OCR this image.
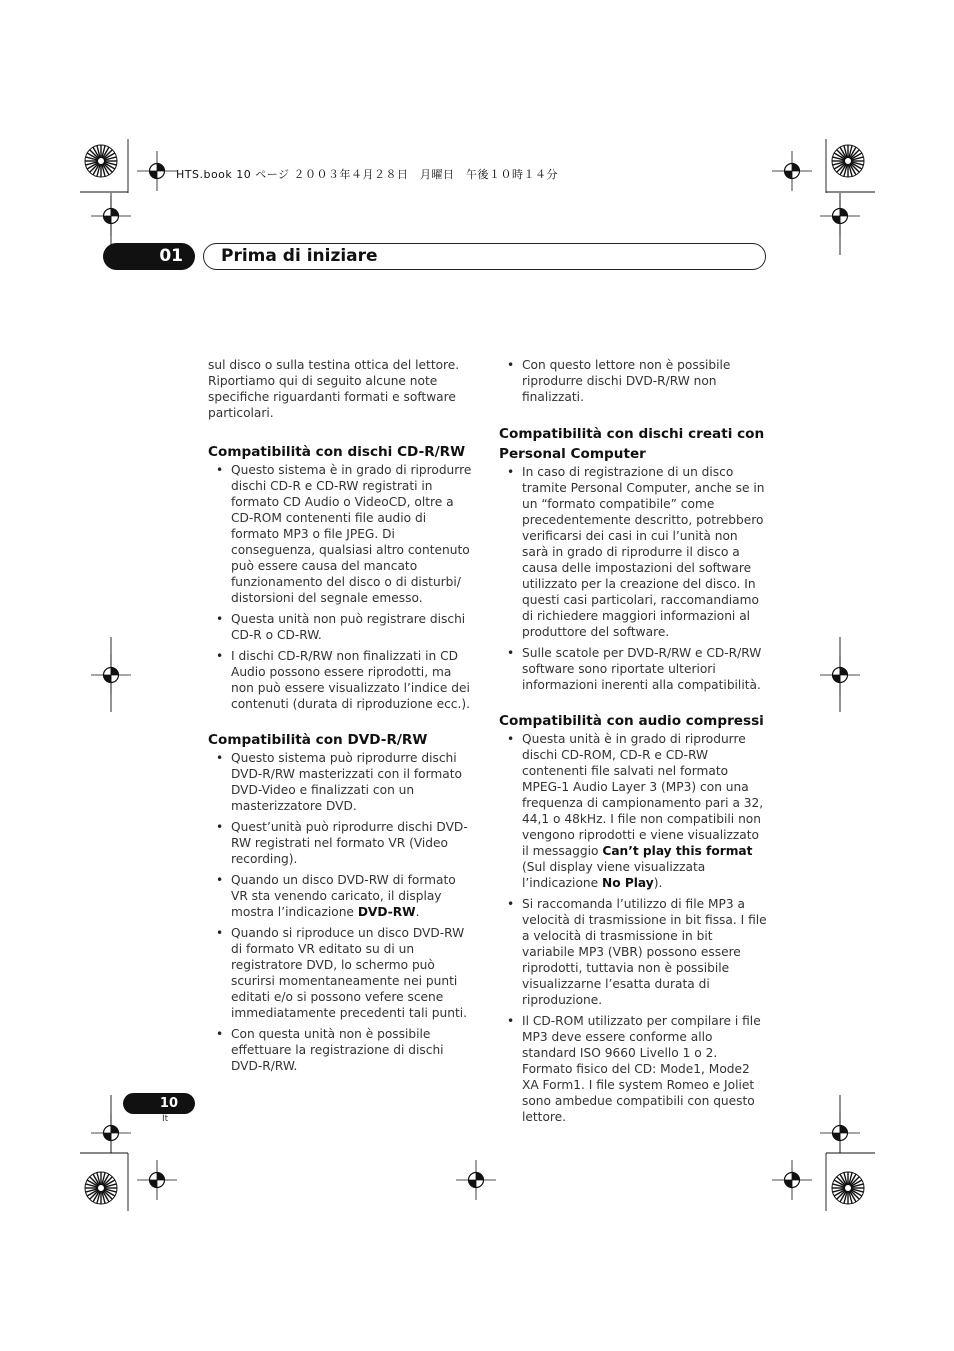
HTS.book 10 ページ ２００３年４月２８日　月曜日　午後１０時１４分
01	Prima di iniziare

sul disco o sulla testina ottica del lettore. Riportiamo qui di seguito alcune note specifiche riguardanti formati e software particolari.

Compatibilità con dischi CD-R/RW
• Questo sistema è in grado di riprodurre dischi CD-R e CD-RW registrati in formato CD Audio o VideoCD, oltre a CD-ROM contenenti file audio di formato MP3 o file JPEG. Di conseguenza, qualsiasi altro contenuto può essere causa del mancato funzionamento del disco o di disturbi/ distorsioni del segnale emesso.
• Questa unità non può registrare dischi CD-R o CD-RW.
• I dischi CD-R/RW non finalizzati in CD Audio possono essere riprodotti, ma non può essere visualizzato l’indice dei contenuti (durata di riproduzione ecc.).
Compatibilità con DVD-R/RW
• Questo sistema può riprodurre dischi DVD-R/RW masterizzati con il formato DVD-Video e finalizzati con un masterizzatore DVD.
• Quest’unità può riprodurre dischi DVD-RW registrati nel formato VR (Video recording).
• Quando un disco DVD-RW di formato VR sta venendo caricato, il display mostra l’indicazione DVD-RW.
• Quando si riproduce un disco DVD-RW di formato VR editato su di un registratore DVD, lo schermo può scurirsi momentaneamente nei punti editati e/o si possono vefere scene immediatamente precedenti tali punti.
• Con questa unità non è possibile effettuare la registrazione di dischi DVD-R/RW.
• Con questo lettore non è possibile riprodurre dischi DVD-R/RW non finalizzati.
Compatibilità con dischi creati con Personal Computer
• In caso di registrazione di un disco tramite Personal Computer, anche se in un “formato compatibile” come precedentemente descritto, potrebbero verificarsi dei casi in cui l’unità non sarà in grado di riprodurre il disco a causa delle impostazioni del software utilizzato per la creazione del disco. In questi casi particolari, raccomandiamo di richiedere maggiori informazioni al produttore del software.
• Sulle scatole per DVD-R/RW e CD-R/RW software sono riportate ulteriori informazioni inerenti alla compatibilità.
Compatibilità con audio compressi
• Questa unità è in grado di riprodurre dischi CD-ROM, CD-R e CD-RW contenenti file salvati nel formato MPEG-1 Audio Layer 3 (MP3) con una frequenza di campionamento pari a 32, 44,1 o 48kHz. I file non compatibili non vengono riprodotti e viene visualizzato il messaggio Can’t play this format (Sul display viene visualizzata l’indicazione No Play).
• Si raccomanda l’utilizzo di file MP3 a velocità di trasmissione in bit fissa. I file a velocità di trasmissione in bit variabile MP3 (VBR) possono essere riprodotti, tuttavia non è possibile visualizzarne l’esatta durata di riproduzione.
• Il CD-ROM utilizzato per compilare i file MP3 deve essere conforme allo standard ISO 9660 Livello 1 o 2. Formato fisico del CD: Mode1, Mode2 XA Form1. I file system Romeo e Joliet sono ambedue compatibili con questo lettore.
10
It
